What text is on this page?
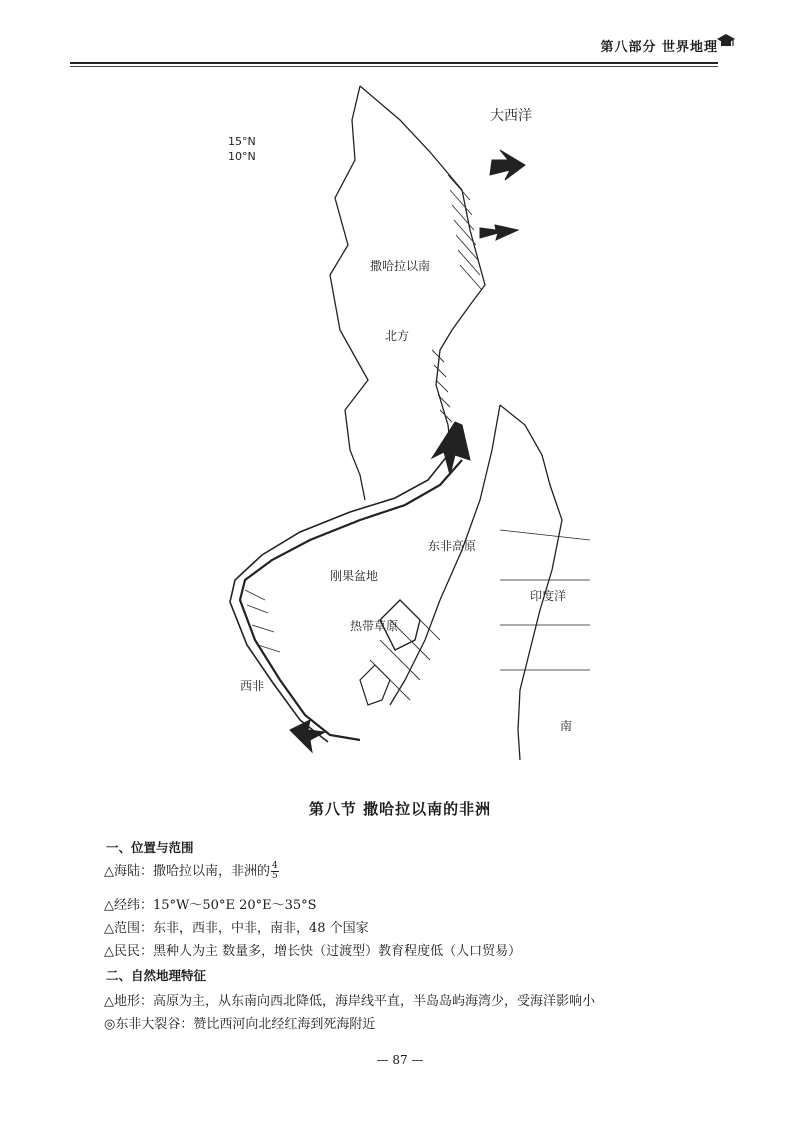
第八部分 世界地理
大西洋
15°N
10°N
撒哈拉以南
北方
东非高原
热带草原
西非
印度洋
刚果盆地
南
第八节 撒哈拉以南的非洲
一、位置与范围
△海陆：撒哈拉以南，非洲的 $\frac{4}{5}$
△经纬：15°W～50°E 20°E～35°S
△范围：东非，西非，中非，南非，48 个国家
△民民：黑种人为主 数量多，增长快（过渡型）教育程度低（人口贸易）
二、自然地理特征
△地形：高原为主，从东南向西北降低，海岸线平直，半岛岛屿海湾少，受海洋影响小
◎东非大裂谷：赞比西河向北经红海到死海附近
— 87 —
